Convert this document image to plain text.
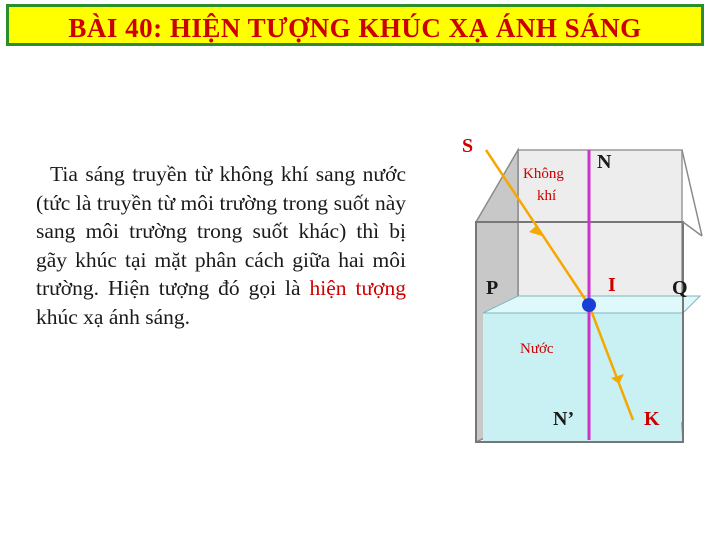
BÀI 40: HIỆN TƯỢNG KHÚC XẠ ÁNH SÁNG
Tia sáng truyền từ không khí sang nước (tức là truyền từ môi trường trong suốt này sang môi trường trong suốt khác) thì bị gãy khúc tại mặt phân cách giữa hai môi trường. Hiện tượng đó gọi là hiện tượng khúc xạ ánh sáng.
S
N
I
P	Q
N’	K
Không
khí
Nước
